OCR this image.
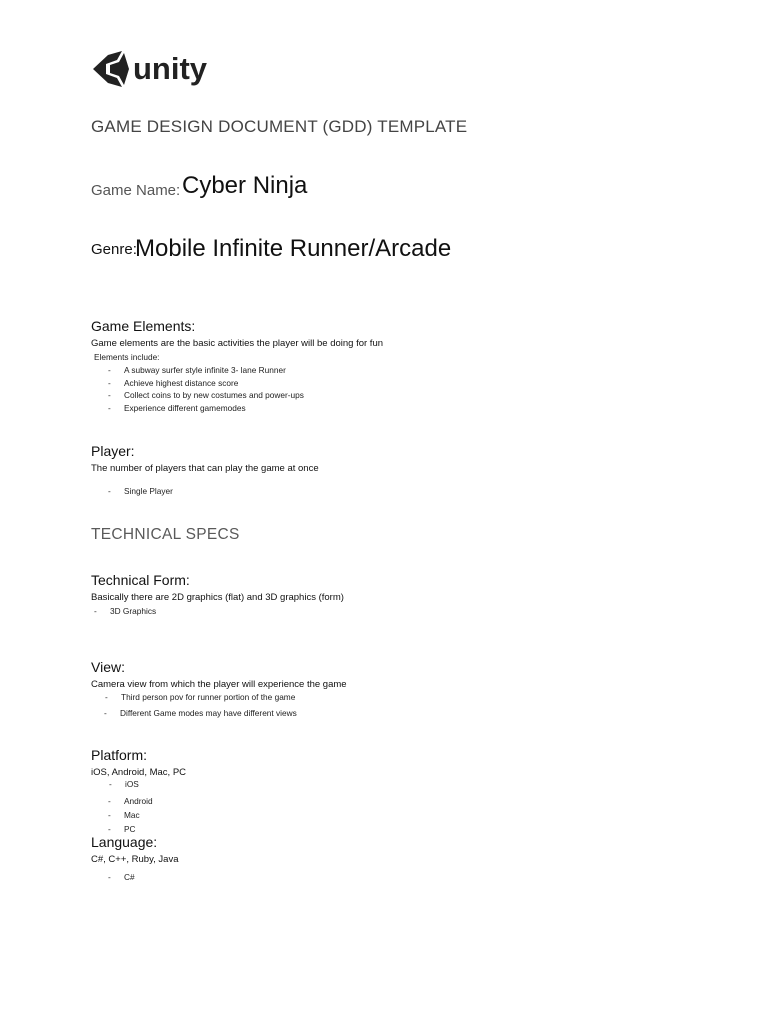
unity
GAME DESIGN DOCUMENT (GDD) TEMPLATE
Game Name: Cyber Ninja
Genre:
Mobile Infinite Runner/Arcade
Game Elements:
Game elements are the basic activities the player will be doing for fun
Elements include:
- A subway surfer style infinite 3- lane Runner
- Achieve highest distance score
- Collect coins to by new costumes and power-ups
- Experience different gamemodes
Player:
The number of players that can play the game at once
- Single Player
TECHNICAL SPECS
Technical Form:
Basically there are 2D graphics (flat) and 3D graphics (form)
- 3D Graphics
View:
Camera view from which the player will experience the game
- Third person pov for runner portion of the game
- Different Game modes may have different views
Platform:
iOS, Android, Mac, PC
- iOS
- Android
- Mac
- PC
Language:
C#, C++, Ruby, Java
- C#
